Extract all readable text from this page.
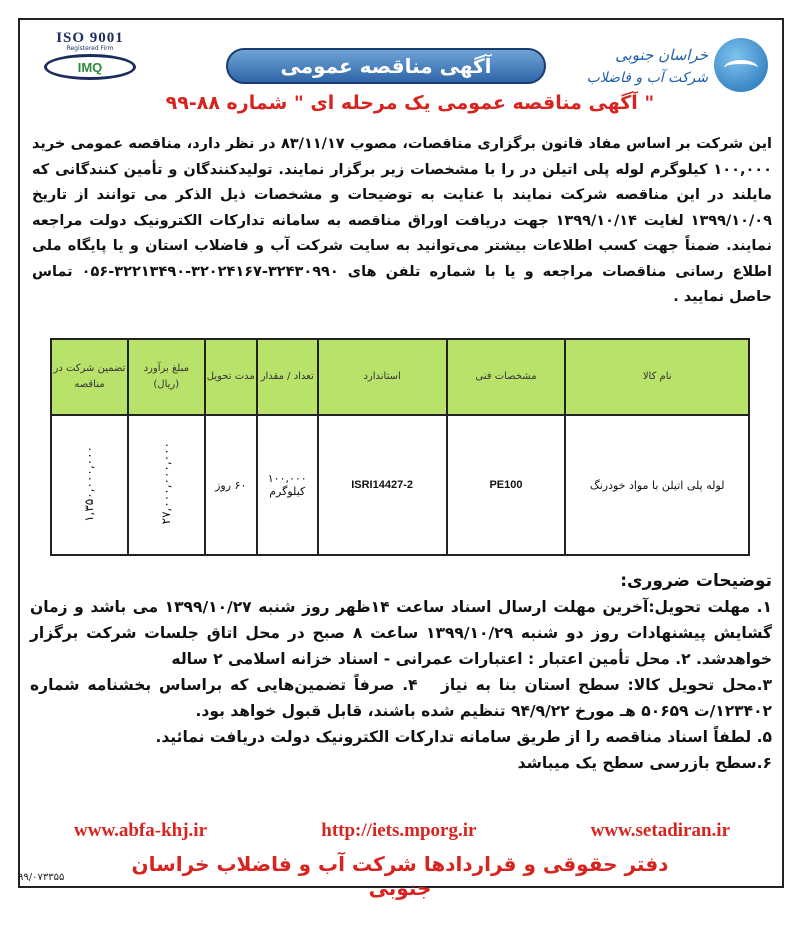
ISO 9001
Registered Firm
IMQ	آگهی مناقصه عمومی	خراسان جنوبی
شرکت آب و فاضلاب
" آگهی مناقصه عمومی یک مرحله ای " شماره ۸۸-۹۹
این شرکت بر اساس مفاد قانون برگزاری مناقصات، مصوب ۸۳/۱۱/۱۷ در نظر دارد، مناقصه عمومی خرید ۱۰۰,۰۰۰ کیلوگرم لوله پلی اتیلن در را با مشخصات زیر برگزار نمایند. تولیدکنندگان و تأمین کنندگانی که مایلند در این مناقصه شرکت نمایند با عنایت به توضیحات و مشخصات ذیل الذکر می توانند از تاریخ ۱۳۹۹/۱۰/۰۹ لغایت ۱۳۹۹/۱۰/۱۴ جهت دریافت اوراق مناقصه به سامانه تدارکات الکترونیک دولت مراجعه نمایند. ضمناً جهت کسب اطلاعات بیشتر می‌توانید به سایت شرکت آب و فاضلاب استان و یا پایگاه ملی اطلاع رسانی مناقصات مراجعه و یا با شماره تلفن های ۳۲۴۳۰۹۹۰-۳۲۰۲۴۱۶۷-۳۲۲۱۳۴۹۰-۰۵۶ تماس حاصل نمایید .
نام کالا	مشخصات فنی	استاندارد	تعداد / مقدار	مدت تحویل	مبلغ برآورد (ریال)	تضمین شرکت در مناقصه
لوله پلی اتیلن با مواد خودرنگ	PE100	ISRI14427-2	۱۰۰,۰۰۰ کیلوگرم	۶۰ روز	۲۷,۰۰۰,۰۰۰,۰۰۰	۱,۳۵۰,۰۰۰,۰۰۰

توضیحات ضروری:

۱. مهلت تحویل:آخرین مهلت ارسال اسناد ساعت ۱۴ظهر روز شنبه ۱۳۹۹/۱۰/۲۷ می باشد و زمان گشایش پیشنهادات روز دو شنبه ۱۳۹۹/۱۰/۲۹ ساعت ۸ صبح در محل اتاق جلسات شرکت برگزار خواهدشد. ۲. محل تأمین اعتبار : اعتبارات عمرانی - اسناد خزانه اسلامی ۲ ساله

۳.محل تحویل کالا: سطح استان بنا به نیاز   ۴. صرفاً تضمین‌هایی که براساس بخشنامه شماره ۱۲۳۴۰۲/ت ۵۰۶۵۹ هـ مورخ ۹۴/۹/۲۲ تنظیم شده باشند، قابل قبول خواهد بود.

۵. لطفاً اسناد مناقصه را از طریق سامانه تدارکات الکترونیک دولت دریافت نمائید.

۶.سطح بازرسی سطح یک میباشد

www.abfa-khj.ir	http://iets.mporg.ir	www.setadiran.ir
دفتر حقوقی و قراردادها شرکت آب و فاضلاب خراسان جنوبی
۹۹/۰۷۳۳۵۵
